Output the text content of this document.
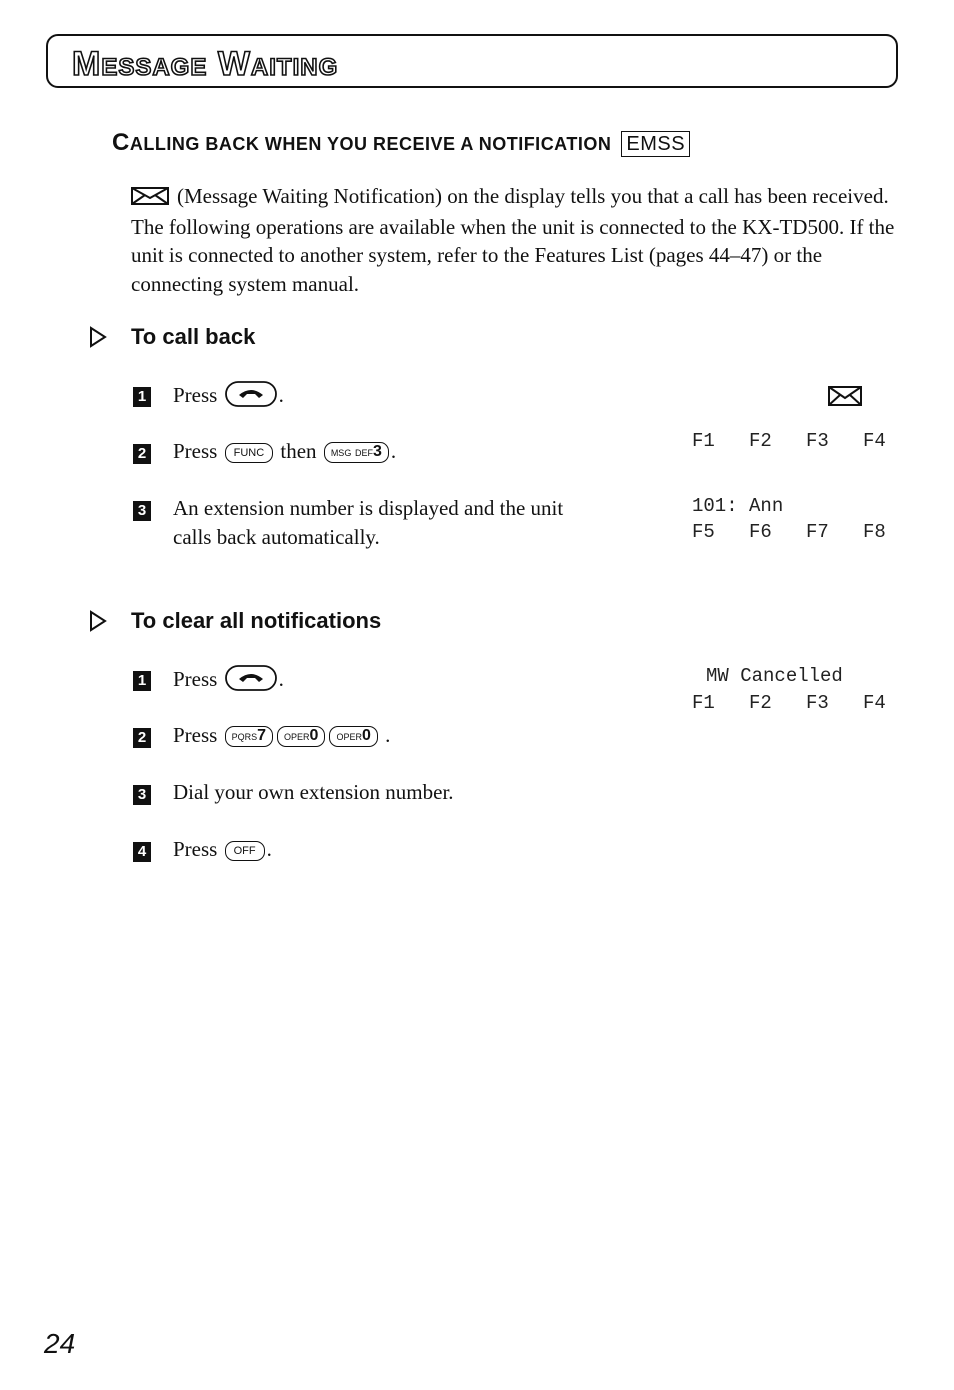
MESSAGE WAITING
CALLING BACK WHEN YOU RECEIVE A NOTIFICATION EMSS
(Message Waiting Notification) on the display tells you that a call has been received. The following operations are available when the unit is connected to the KX-TD500. If the unit is connected to another system, refer to the Features List (pages 44–47) or the connecting system manual.
To call back
1 Press	.
2 Press FUNC then MSG DEF3 .
3 An extension number is displayed and the unit
calls back automatically.
F1   F2   F3   F4
101: Ann
F5   F6   F7   F8
To clear all notifications
1 Press	.
2 Press PQRS7 OPER0 OPER0 .
3 Dial your own extension number.
4 Press OFF .
MW Cancelled
F1   F2   F3   F4
24
